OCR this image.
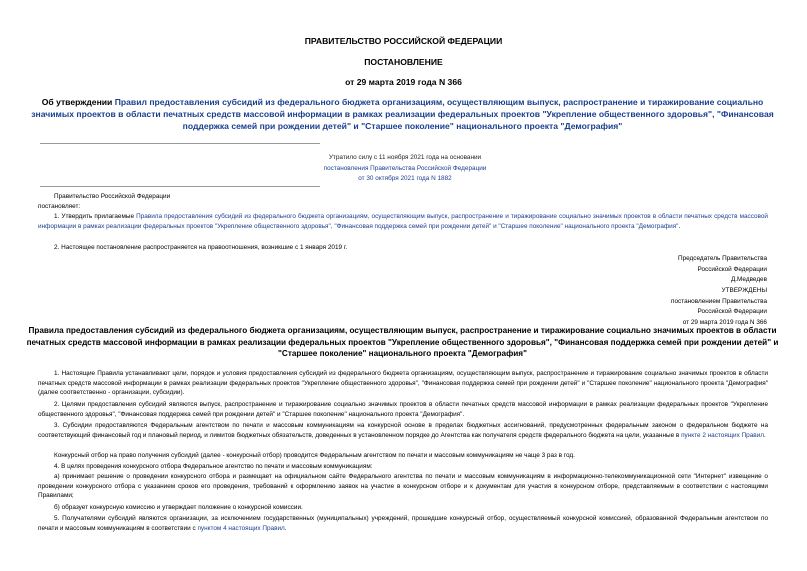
ПРАВИТЕЛЬСТВО РОССИЙСКОЙ ФЕДЕРАЦИИ
ПОСТАНОВЛЕНИЕ
от 29 марта 2019 года N 366
Об утверждении Правил предоставления субсидий из федерального бюджета организациям, осуществляющим выпуск, распространение и тиражирование социально значимых проектов в области печатных средств массовой информации в рамках реализации федеральных проектов "Укрепление общественного здоровья", "Финансовая поддержка семей при рождении детей" и "Старшее поколение" национального проекта "Демография"
Утратило силу с 11 ноября 2021 года на основании
постановления Правительства Российской Федерации
от 30 октября 2021 года N 1882
Правительство Российской Федерации
постановляет:
1. Утвердить прилагаемые Правила предоставления субсидий из федерального бюджета организациям, осуществляющим выпуск, распространение и тиражирование социально значимых проектов в области печатных средств массовой информации в рамках реализации федеральных проектов "Укрепление общественного здоровья", "Финансовая поддержка семей при рождении детей" и "Старшее поколение" национального проекта "Демография".
2. Настоящее постановление распространяется на правоотношения, возникшие с 1 января 2019 г.
Председатель Правительства
Российской Федерации
Д.Медведев
УТВЕРЖДЕНЫ
постановлением Правительства
Российской Федерации
от 29 марта 2019 года N 366
Правила предоставления субсидий из федерального бюджета организациям, осуществляющим выпуск, распространение и тиражирование социально значимых проектов в области печатных средств массовой информации в рамках реализации федеральных проектов "Укрепление общественного здоровья", "Финансовая поддержка семей при рождении детей" и "Старшее поколение" национального проекта "Демография"
1. Настоящие Правила устанавливают цели, порядок и условия предоставления субсидий из федерального бюджета организациям, осуществляющим выпуск, распространение и тиражирование социально значимых проектов в области печатных средств массовой информации в рамках реализации федеральных проектов "Укрепление общественного здоровья", "Финансовая поддержка семей при рождении детей" и "Старшее поколение" национального проекта "Демография" (далее соответственно - организации, субсидии).
2. Целями предоставления субсидий являются выпуск, распространение и тиражирование социально значимых проектов в области печатных средств массовой информации в рамках реализации федеральных проектов "Укрепление общественного здоровья", "Финансовая поддержка семей при рождении детей" и "Старшее поколение" национального проекта "Демография".
3. Субсидии предоставляются Федеральным агентством по печати и массовым коммуникациям на конкурсной основе в пределах бюджетных ассигнований, предусмотренных федеральным законом о федеральном бюджете на соответствующий финансовый год и плановый период, и лимитов бюджетных обязательств, доведенных в установленном порядке до Агентства как получателя средств федерального бюджета на цели, указанные в пункте 2 настоящих Правил.
Конкурсный отбор на право получения субсидий (далее - конкурсный отбор) проводится Федеральным агентством по печати и массовым коммуникациям не чаще 3 раз в год.
4. В целях проведения конкурсного отбора Федеральное агентство по печати и массовым коммуникациям:
а) принимает решение о проведении конкурсного отбора и размещает на официальном сайте Федерального агентства по печати и массовым коммуникациям в информационно-телекоммуникационной сети "Интернет" извещение о проведении конкурсного отбора с указанием сроков его проведения, требований к оформлению заявок на участие в конкурсном отборе и к документам для участия в конкурсном отборе, представляемым в соответствии с настоящими Правилами;
б) образует конкурсную комиссию и утверждает положение о конкурсной комиссии.
5. Получателями субсидий являются организации, за исключением государственных (муниципальных) учреждений, прошедшие конкурсный отбор, осуществляемый конкурсной комиссией, образованной Федеральным агентством по печати и массовым коммуникациям в соответствии с пунктом 4 настоящих Правил.
